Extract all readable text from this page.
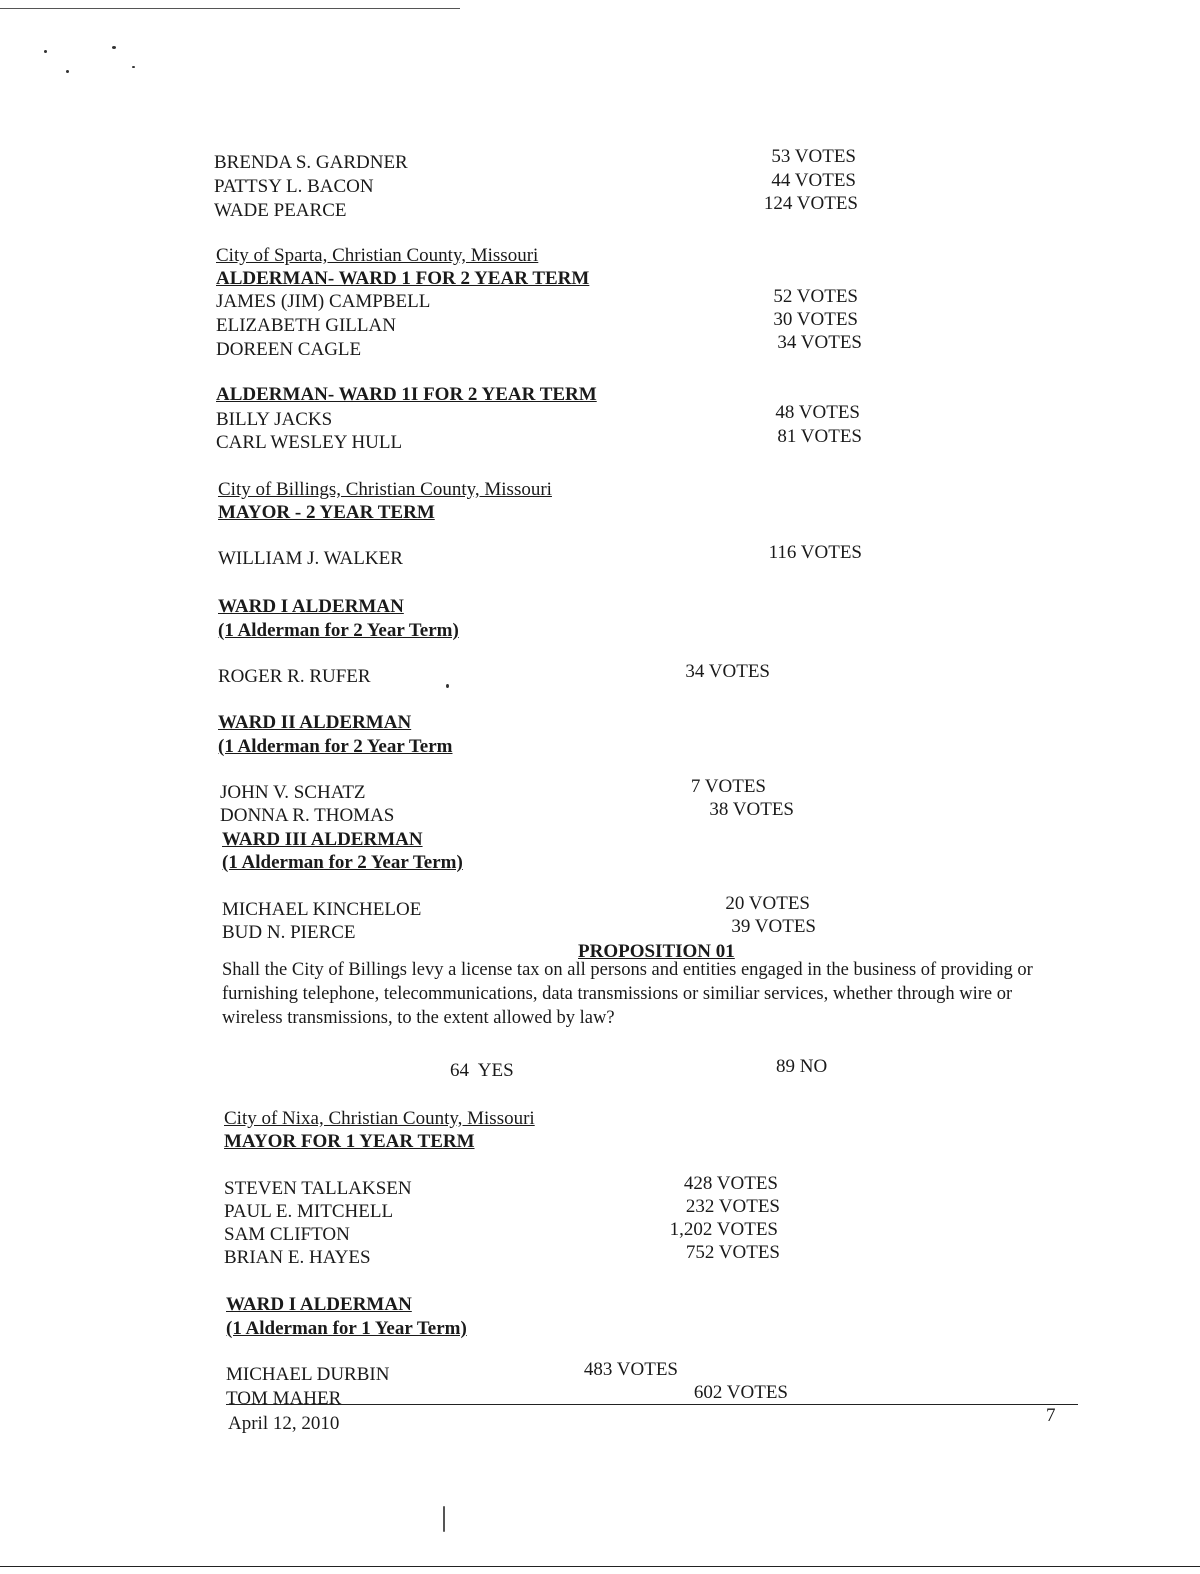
BRENDA S. GARDNER	53 VOTES
PATTSY L. BACON	44 VOTES
WADE PEARCE	124 VOTES
City of Sparta, Christian County, Missouri
ALDERMAN- WARD 1 FOR 2 YEAR TERM
JAMES (JIM) CAMPBELL	52 VOTES
ELIZABETH GILLAN	30 VOTES
DOREEN CAGLE	34 VOTES
ALDERMAN- WARD 1I FOR 2 YEAR TERM
BILLY JACKS	48 VOTES
CARL WESLEY HULL	81 VOTES
City of Billings, Christian County, Missouri
MAYOR - 2 YEAR TERM
WILLIAM J. WALKER	116 VOTES
WARD I ALDERMAN
(1 Alderman for 2 Year Term)
ROGER R. RUFER	34 VOTES
WARD II ALDERMAN
(1 Alderman for 2 Year Term
JOHN V. SCHATZ	7 VOTES
DONNA R. THOMAS	38 VOTES
WARD III ALDERMAN
(1 Alderman for 2 Year Term)
MICHAEL KINCHELOE	20 VOTES
BUD N. PIERCE	39 VOTES
PROPOSITION 01
Shall the City of Billings levy a license tax on all persons and entities engaged in the business of providing or furnishing telephone, telecommunications, data transmissions or similiar services, whether through wire or wireless transmissions, to the extent allowed by law?
64  YES	89 NO
City of Nixa, Christian County, Missouri
MAYOR FOR 1 YEAR TERM
STEVEN TALLAKSEN	428 VOTES
PAUL E. MITCHELL	232 VOTES
SAM CLIFTON	1,202 VOTES
BRIAN E. HAYES	752 VOTES
WARD I ALDERMAN
(1 Alderman for 1 Year Term)
MICHAEL DURBIN	483 VOTES
TOM MAHER	602 VOTES
April 12, 2010	7
